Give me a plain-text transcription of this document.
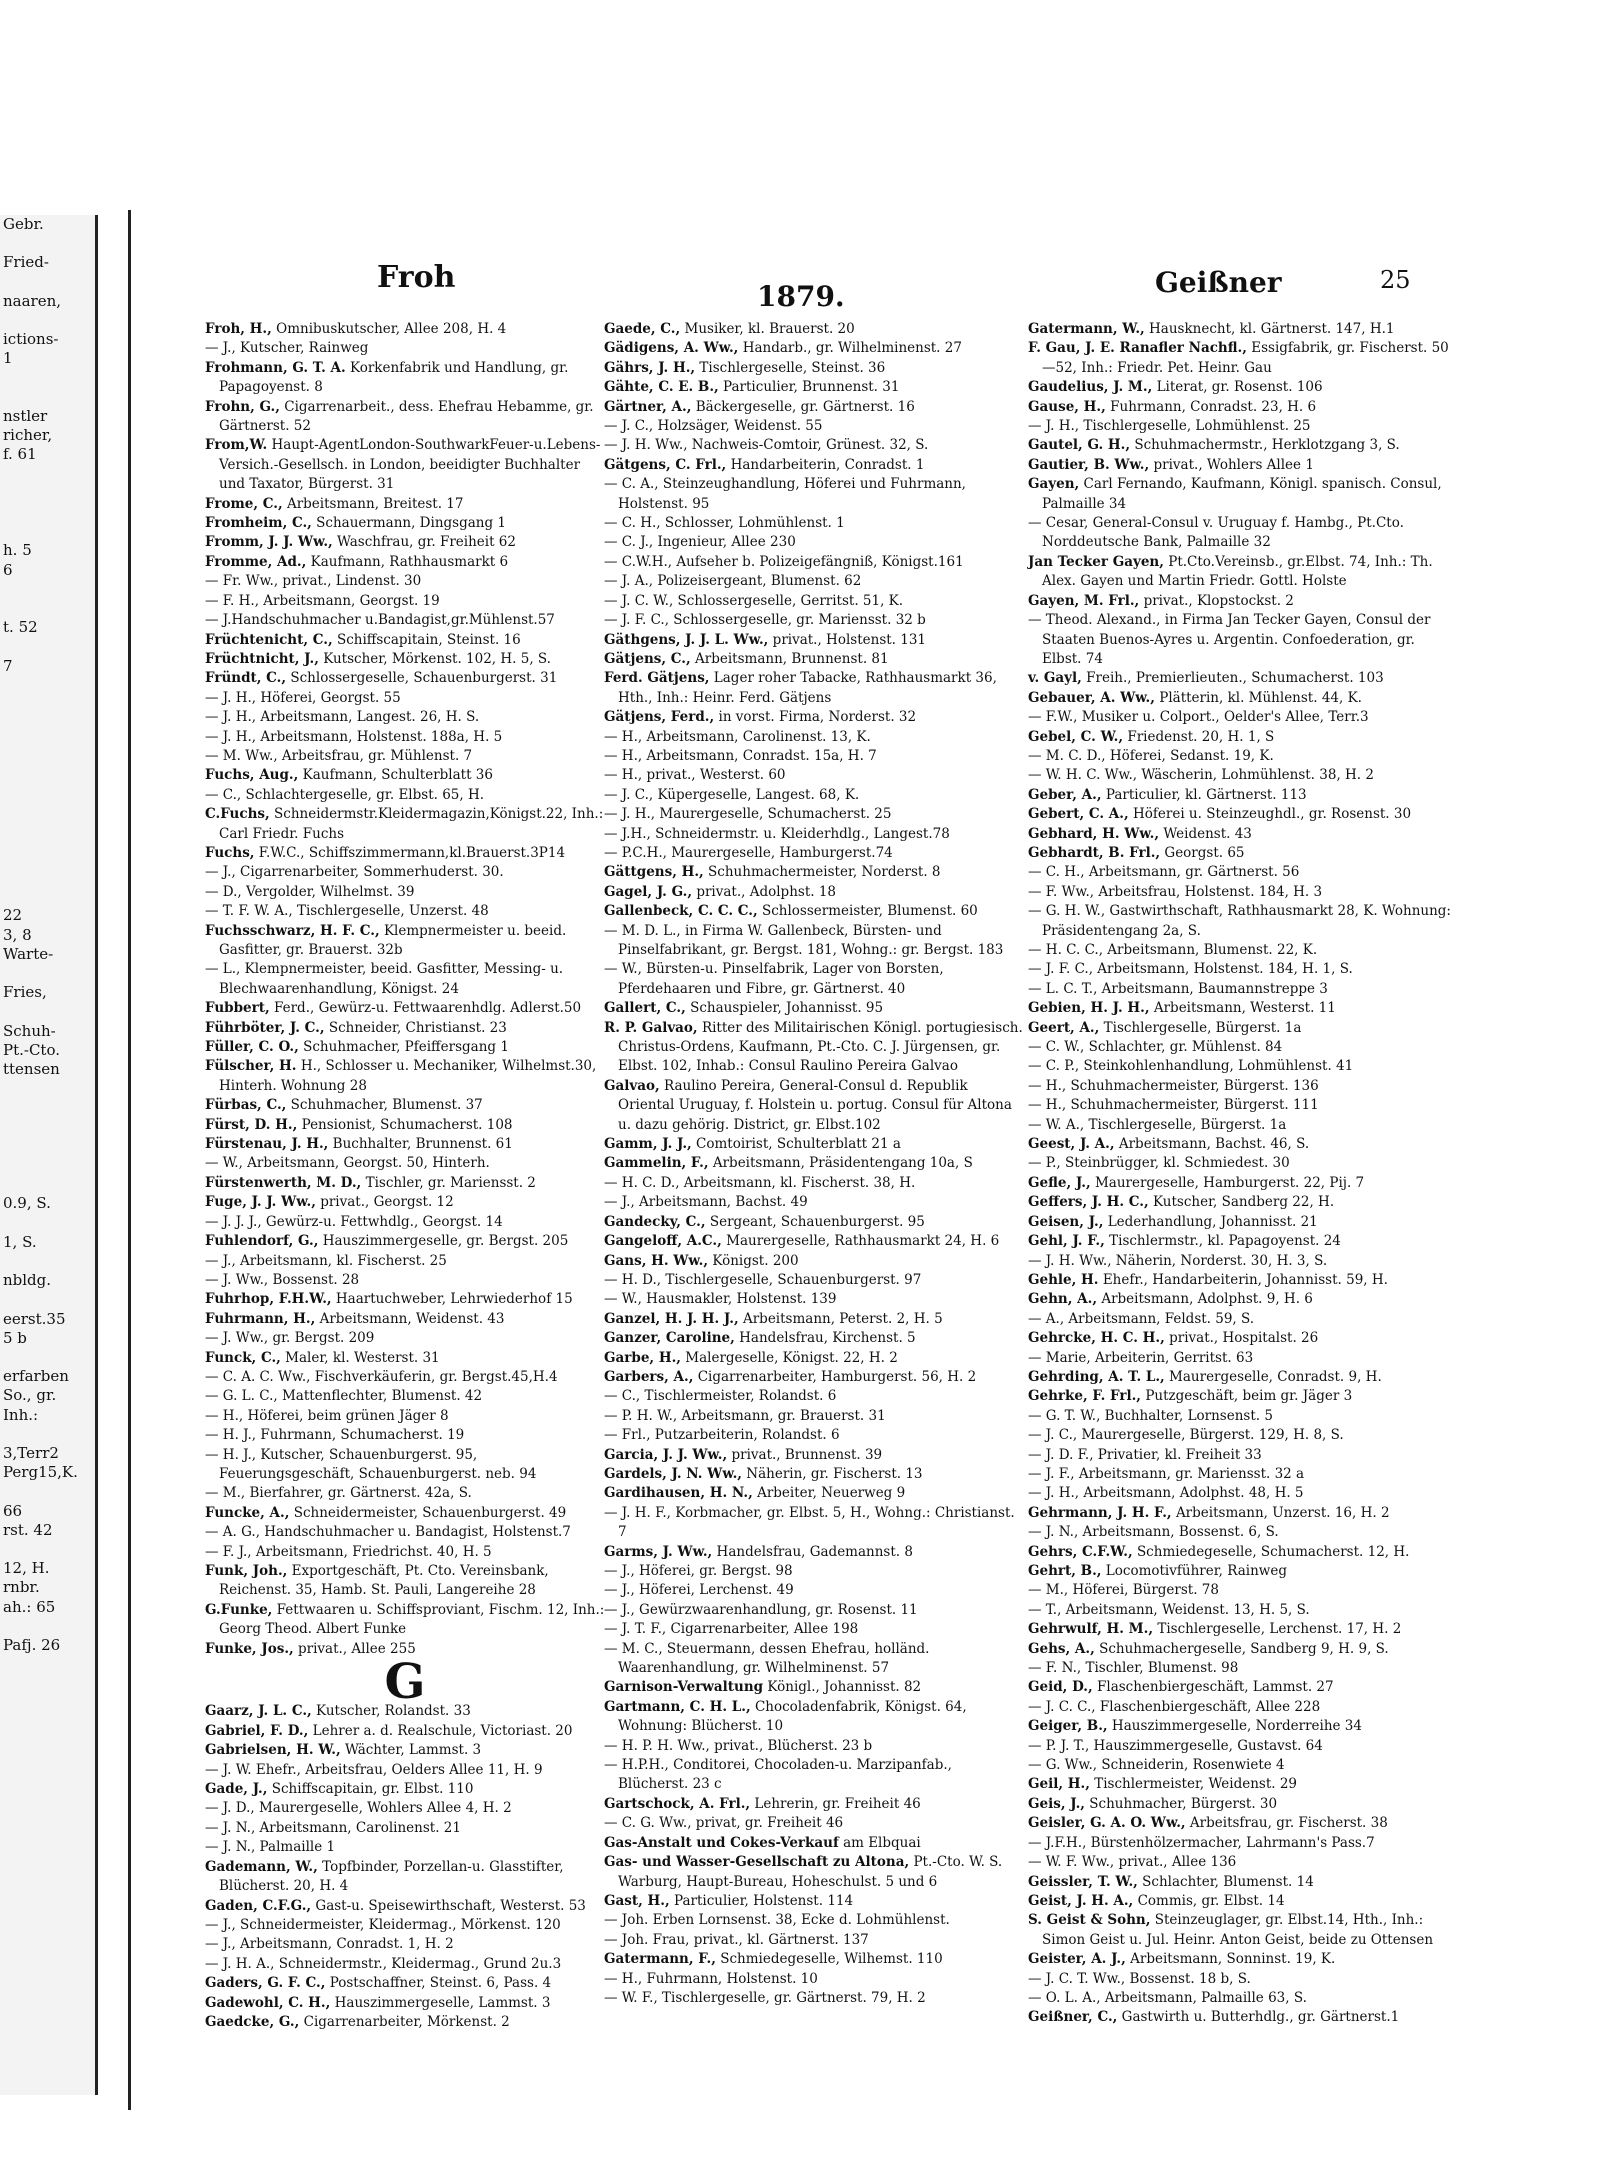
Gebr.

Fried-

naaren,

ictions-
1

nstler
richer,
f. 61

h. 5
6

t. 52

7

22
3, 8
Warte-

Fries,

Schuh-
Pt.-Cto.
ttensen

0.9, S.

1, S.

nbldg.

eerst.35
5 b

erfarben
So., gr.
Inh.:

3,Terr2
Perg15,K.

66
rst. 42

12, H.
rnbr.
ah.: 65

Pafj. 26
Froh
1879.	Geißner	25
Froh, H., Omnibuskutscher, Allee 208, H. 4
— J., Kutscher, Rainweg
Frohmann, G. T. A. Korkenfabrik und Handlung, gr. Papagoyenst. 8
Frohn, G., Cigarrenarbeit., dess. Ehefrau Hebamme, gr. Gärtnerst. 52
From,W. Haupt-AgentLondon-SouthwarkFeuer-u.Lebens-Versich.-Gesellsch. in London, beeidigter Buchhalter und Taxator, Bürgerst. 31
Frome, C., Arbeitsmann, Breitest. 17
Fromheim, C., Schauermann, Dingsgang 1
Fromm, J. J. Ww., Waschfrau, gr. Freiheit 62
Fromme, Ad., Kaufmann, Rathhausmarkt 6
— Fr. Ww., privat., Lindenst. 30
— F. H., Arbeitsmann, Georgst. 19
— J.Handschuhmacher u.Bandagist,gr.Mühlenst.57
Früchtenicht, C., Schiffscapitain, Steinst. 16
Früchtnicht, J., Kutscher, Mörkenst. 102, H. 5, S.
Fründt, C., Schlossergeselle, Schauenburgerst. 31
— J. H., Höferei, Georgst. 55
— J. H., Arbeitsmann, Langest. 26, H. S.
— J. H., Arbeitsmann, Holstenst. 188a, H. 5
— M. Ww., Arbeitsfrau, gr. Mühlenst. 7
Fuchs, Aug., Kaufmann, Schulterblatt 36
— C., Schlachtergeselle, gr. Elbst. 65, H.
C.Fuchs, Schneidermstr.Kleidermagazin,Königst.22, Inh.: Carl Friedr. Fuchs
Fuchs, F.W.C., Schiffszimmermann,kl.Brauerst.3P14
— J., Cigarrenarbeiter, Sommerhuderst. 30.
— D., Vergolder, Wilhelmst. 39
— T. F. W. A., Tischlergeselle, Unzerst. 48
Fuchsschwarz, H. F. C., Klempnermeister u. beeid. Gasfitter, gr. Brauerst. 32b
— L., Klempnermeister, beeid. Gasfitter, Messing- u. Blechwaarenhandlung, Königst. 24
Fubbert, Ferd., Gewürz-u. Fettwaarenhdlg. Adlerst.50
Führböter, J. C., Schneider, Christianst. 23
Füller, C. O., Schuhmacher, Pfeiffersgang 1
Fülscher, H. H., Schlosser u. Mechaniker, Wilhelmst.30, Hinterh. Wohnung 28
Fürbas, C., Schuhmacher, Blumenst. 37
Fürst, D. H., Pensionist, Schumacherst. 108
Fürstenau, J. H., Buchhalter, Brunnenst. 61
— W., Arbeitsmann, Georgst. 50, Hinterh.
Fürstenwerth, M. D., Tischler, gr. Mariensst. 2
Fuge, J. J. Ww., privat., Georgst. 12
— J. J. J., Gewürz-u. Fettwhdlg., Georgst. 14
Fuhlendorf, G., Hauszimmergeselle, gr. Bergst. 205
— J., Arbeitsmann, kl. Fischerst. 25
— J. Ww., Bossenst. 28
Fuhrhop, F.H.W., Haartuchweber, Lehrwiederhof 15
Fuhrmann, H., Arbeitsmann, Weidenst. 43
— J. Ww., gr. Bergst. 209
Funck, C., Maler, kl. Westerst. 31
— C. A. C. Ww., Fischverkäuferin, gr. Bergst.45,H.4
— G. L. C., Mattenflechter, Blumenst. 42
— H., Höferei, beim grünen Jäger 8
— H. J., Fuhrmann, Schumacherst. 19
— H. J., Kutscher, Schauenburgerst. 95, Feuerungsgeschäft, Schauenburgerst. neb. 94
— M., Bierfahrer, gr. Gärtnerst. 42a, S.
Funcke, A., Schneidermeister, Schauenburgerst. 49
— A. G., Handschuhmacher u. Bandagist, Holstenst.7
— F. J., Arbeitsmann, Friedrichst. 40, H. 5
Funk, Joh., Exportgeschäft, Pt. Cto. Vereinsbank, Reichenst. 35, Hamb. St. Pauli, Langereihe 28
G.Funke, Fettwaaren u. Schiffsproviant, Fischm. 12, Inh.: Georg Theod. Albert Funke
Funke, Jos., privat., Allee 255
G
Gaarz, J. L. C., Kutscher, Rolandst. 33
Gabriel, F. D., Lehrer a. d. Realschule, Victoriast. 20
Gabrielsen, H. W., Wächter, Lammst. 3
— J. W. Ehefr., Arbeitsfrau, Oelders Allee 11, H. 9
Gade, J., Schiffscapitain, gr. Elbst. 110
— J. D., Maurergeselle, Wohlers Allee 4, H. 2
— J. N., Arbeitsmann, Carolinenst. 21
— J. N., Palmaille 1
Gademann, W., Topfbinder, Porzellan-u. Glasstifter, Blücherst. 20, H. 4
Gaden, C.F.G., Gast-u. Speisewirthschaft, Westerst. 53
— J., Schneidermeister, Kleidermag., Mörkenst. 120
— J., Arbeitsmann, Conradst. 1, H. 2
— J. H. A., Schneidermstr., Kleidermag., Grund 2u.3
Gaders, G. F. C., Postschaffner, Steinst. 6, Pass. 4
Gadewohl, C. H., Hauszimmergeselle, Lammst. 3
Gaedcke, G., Cigarrenarbeiter, Mörkenst. 2
Gaede, C., Musiker, kl. Brauerst. 20
Gädigens, A. Ww., Handarb., gr. Wilhelminenst. 27
Gährs, J. H., Tischlergeselle, Steinst. 36
Gähte, C. E. B., Particulier, Brunnenst. 31
Gärtner, A., Bäckergeselle, gr. Gärtnerst. 16
— J. C., Holzsäger, Weidenst. 55
— J. H. Ww., Nachweis-Comtoir, Grünest. 32, S.
Gätgens, C. Frl., Handarbeiterin, Conradst. 1
— C. A., Steinzeughandlung, Höferei und Fuhrmann, Holstenst. 95
— C. H., Schlosser, Lohmühlenst. 1
— C. J., Ingenieur, Allee 230
— C.W.H., Aufseher b. Polizeigefängniß, Königst.161
— J. A., Polizeisergeant, Blumenst. 62
— J. C. W., Schlossergeselle, Gerritst. 51, K.
— J. F. C., Schlossergeselle, gr. Mariensst. 32 b
Gäthgens, J. J. L. Ww., privat., Holstenst. 131
Gätjens, C., Arbeitsmann, Brunnenst. 81
Ferd. Gätjens, Lager roher Tabacke, Rathhausmarkt 36, Hth., Inh.: Heinr. Ferd. Gätjens
Gätjens, Ferd., in vorst. Firma, Norderst. 32
— H., Arbeitsmann, Carolinenst. 13, K.
— H., Arbeitsmann, Conradst. 15a, H. 7
— H., privat., Westerst. 60
— J. C., Küpergeselle, Langest. 68, K.
— J. H., Maurergeselle, Schumacherst. 25
— J.H., Schneidermstr. u. Kleiderhdlg., Langest.78
— P.C.H., Maurergeselle, Hamburgerst.74
Gättgens, H., Schuhmachermeister, Norderst. 8
Gagel, J. G., privat., Adolphst. 18
Gallenbeck, C. C. C., Schlossermeister, Blumenst. 60
— M. D. L., in Firma W. Gallenbeck, Bürsten- und Pinselfabrikant, gr. Bergst. 181, Wohng.: gr. Bergst. 183
— W., Bürsten-u. Pinselfabrik, Lager von Borsten, Pferdehaaren und Fibre, gr. Gärtnerst. 40
Gallert, C., Schauspieler, Johannisst. 95
R. P. Galvao, Ritter des Militairischen Königl. portugiesisch. Christus-Ordens, Kaufmann, Pt.-Cto. C. J. Jürgensen, gr. Elbst. 102, Inhab.: Consul Raulino Pereira Galvao
Galvao, Raulino Pereira, General-Consul d. Republik Oriental Uruguay, f. Holstein u. portug. Consul für Altona u. dazu gehörig. District, gr. Elbst.102
Gamm, J. J., Comtoirist, Schulterblatt 21 a
Gammelin, F., Arbeitsmann, Präsidentengang 10a, S
— H. C. D., Arbeitsmann, kl. Fischerst. 38, H.
— J., Arbeitsmann, Bachst. 49
Gandecky, C., Sergeant, Schauenburgerst. 95
Gangeloff, A.C., Maurergeselle, Rathhausmarkt 24, H. 6
Gans, H. Ww., Königst. 200
— H. D., Tischlergeselle, Schauenburgerst. 97
— W., Hausmakler, Holstenst. 139
Ganzel, H. J. H. J., Arbeitsmann, Peterst. 2, H. 5
Ganzer, Caroline, Handelsfrau, Kirchenst. 5
Garbe, H., Malergeselle, Königst. 22, H. 2
Garbers, A., Cigarrenarbeiter, Hamburgerst. 56, H. 2
— C., Tischlermeister, Rolandst. 6
— P. H. W., Arbeitsmann, gr. Brauerst. 31
— Frl., Putzarbeiterin, Rolandst. 6
Garcia, J. J. Ww., privat., Brunnenst. 39
Gardels, J. N. Ww., Näherin, gr. Fischerst. 13
Gardihausen, H. N., Arbeiter, Neuerweg 9
— J. H. F., Korbmacher, gr. Elbst. 5, H., Wohng.: Christianst. 7
Garms, J. Ww., Handelsfrau, Gademannst. 8
— J., Höferei, gr. Bergst. 98
— J., Höferei, Lerchenst. 49
— J., Gewürzwaarenhandlung, gr. Rosenst. 11
— J. T. F., Cigarrenarbeiter, Allee 198
— M. C., Steuermann, dessen Ehefrau, holländ. Waarenhandlung, gr. Wilhelminenst. 57
Garnison-Verwaltung Königl., Johannisst. 82
Gartmann, C. H. L., Chocoladenfabrik, Königst. 64, Wohnung: Blücherst. 10
— H. P. H. Ww., privat., Blücherst. 23 b
— H.P.H., Conditorei, Chocoladen-u. Marzipanfab., Blücherst. 23 c
Gartschock, A. Frl., Lehrerin, gr. Freiheit 46
— C. G. Ww., privat, gr. Freiheit 46
Gas-Anstalt und Cokes-Verkauf am Elbquai
Gas- und Wasser-Gesellschaft zu Altona, Pt.-Cto. W. S. Warburg, Haupt-Bureau, Hoheschulst. 5 und 6
Gast, H., Particulier, Holstenst. 114
— Joh. Erben Lornsenst. 38, Ecke d. Lohmühlenst.
— Joh. Frau, privat., kl. Gärtnerst. 137
Gatermann, F., Schmiedegeselle, Wilhemst. 110
— H., Fuhrmann, Holstenst. 10
— W. F., Tischlergeselle, gr. Gärtnerst. 79, H. 2
Gatermann, W., Hausknecht, kl. Gärtnerst. 147, H.1
F. Gau, J. E. Ranafler Nachfl., Essigfabrik, gr. Fischerst. 50—52, Inh.: Friedr. Pet. Heinr. Gau
Gaudelius, J. M., Literat, gr. Rosenst. 106
Gause, H., Fuhrmann, Conradst. 23, H. 6
— J. H., Tischlergeselle, Lohmühlenst. 25
Gautel, G. H., Schuhmachermstr., Herklotzgang 3, S.
Gautier, B. Ww., privat., Wohlers Allee 1
Gayen, Carl Fernando, Kaufmann, Königl. spanisch. Consul, Palmaille 34
— Cesar, General-Consul v. Uruguay f. Hambg., Pt.Cto. Norddeutsche Bank, Palmaille 32
Jan Tecker Gayen, Pt.Cto.Vereinsb., gr.Elbst. 74, Inh.: Th. Alex. Gayen und Martin Friedr. Gottl. Holste
Gayen, M. Frl., privat., Klopstockst. 2
— Theod. Alexand., in Firma Jan Tecker Gayen, Consul der Staaten Buenos-Ayres u. Argentin. Confoederation, gr. Elbst. 74
v. Gayl, Freih., Premierlieuten., Schumacherst. 103
Gebauer, A. Ww., Plätterin, kl. Mühlenst. 44, K.
— F.W., Musiker u. Colport., Oelder's Allee, Terr.3
Gebel, C. W., Friedenst. 20, H. 1, S
— M. C. D., Höferei, Sedanst. 19, K.
— W. H. C. Ww., Wäscherin, Lohmühlenst. 38, H. 2
Geber, A., Particulier, kl. Gärtnerst. 113
Gebert, C. A., Höferei u. Steinzeughdl., gr. Rosenst. 30
Gebhard, H. Ww., Weidenst. 43
Gebhardt, B. Frl., Georgst. 65
— C. H., Arbeitsmann, gr. Gärtnerst. 56
— F. Ww., Arbeitsfrau, Holstenst. 184, H. 3
— G. H. W., Gastwirthschaft, Rathhausmarkt 28, K. Wohnung: Präsidentengang 2a, S.
— H. C. C., Arbeitsmann, Blumenst. 22, K.
— J. F. C., Arbeitsmann, Holstenst. 184, H. 1, S.
— L. C. T., Arbeitsmann, Baumannstreppe 3
Gebien, H. J. H., Arbeitsmann, Westerst. 11
Geert, A., Tischlergeselle, Bürgerst. 1a
— C. W., Schlachter, gr. Mühlenst. 84
— C. P., Steinkohlenhandlung, Lohmühlenst. 41
— H., Schuhmachermeister, Bürgerst. 136
— H., Schuhmachermeister, Bürgerst. 111
— W. A., Tischlergeselle, Bürgerst. 1a
Geest, J. A., Arbeitsmann, Bachst. 46, S.
— P., Steinbrügger, kl. Schmiedest. 30
Gefle, J., Maurergeselle, Hamburgerst. 22, Pij. 7
Geffers, J. H. C., Kutscher, Sandberg 22, H.
Geisen, J., Lederhandlung, Johannisst. 21
Gehl, J. F., Tischlermstr., kl. Papagoyenst. 24
— J. H. Ww., Näherin, Norderst. 30, H. 3, S.
Gehle, H. Ehefr., Handarbeiterin, Johannisst. 59, H.
Gehn, A., Arbeitsmann, Adolphst. 9, H. 6
— A., Arbeitsmann, Feldst. 59, S.
Gehrcke, H. C. H., privat., Hospitalst. 26
— Marie, Arbeiterin, Gerritst. 63
Gehrding, A. T. L., Maurergeselle, Conradst. 9, H.
Gehrke, F. Frl., Putzgeschäft, beim gr. Jäger 3
— G. T. W., Buchhalter, Lornsenst. 5
— J. C., Maurergeselle, Bürgerst. 129, H. 8, S.
— J. D. F., Privatier, kl. Freiheit 33
— J. F., Arbeitsmann, gr. Mariensst. 32 a
— J. H., Arbeitsmann, Adolphst. 48, H. 5
Gehrmann, J. H. F., Arbeitsmann, Unzerst. 16, H. 2
— J. N., Arbeitsmann, Bossenst. 6, S.
Gehrs, C.F.W., Schmiedegeselle, Schumacherst. 12, H.
Gehrt, B., Locomotivführer, Rainweg
— M., Höferei, Bürgerst. 78
— T., Arbeitsmann, Weidenst. 13, H. 5, S.
Gehrwulf, H. M., Tischlergeselle, Lerchenst. 17, H. 2
Gehs, A., Schuhmachergeselle, Sandberg 9, H. 9, S.
— F. N., Tischler, Blumenst. 98
Geid, D., Flaschenbiergeschäft, Lammst. 27
— J. C. C., Flaschenbiergeschäft, Allee 228
Geiger, B., Hauszimmergeselle, Norderreihe 34
— P. J. T., Hauszimmergeselle, Gustavst. 64
— G. Ww., Schneiderin, Rosenwiete 4
Geil, H., Tischlermeister, Weidenst. 29
Geis, J., Schuhmacher, Bürgerst. 30
Geisler, G. A. O. Ww., Arbeitsfrau, gr. Fischerst. 38
— J.F.H., Bürstenhölzermacher, Lahrmann's Pass.7
— W. F. Ww., privat., Allee 136
Geissler, T. W., Schlachter, Blumenst. 14
Geist, J. H. A., Commis, gr. Elbst. 14
S. Geist & Sohn, Steinzeuglager, gr. Elbst.14, Hth., Inh.: Simon Geist u. Jul. Heinr. Anton Geist, beide zu Ottensen
Geister, A. J., Arbeitsmann, Sonninst. 19, K.
— J. C. T. Ww., Bossenst. 18 b, S.
— O. L. A., Arbeitsmann, Palmaille 63, S.
Geißner, C., Gastwirth u. Butterhdlg., gr. Gärtnerst.1
